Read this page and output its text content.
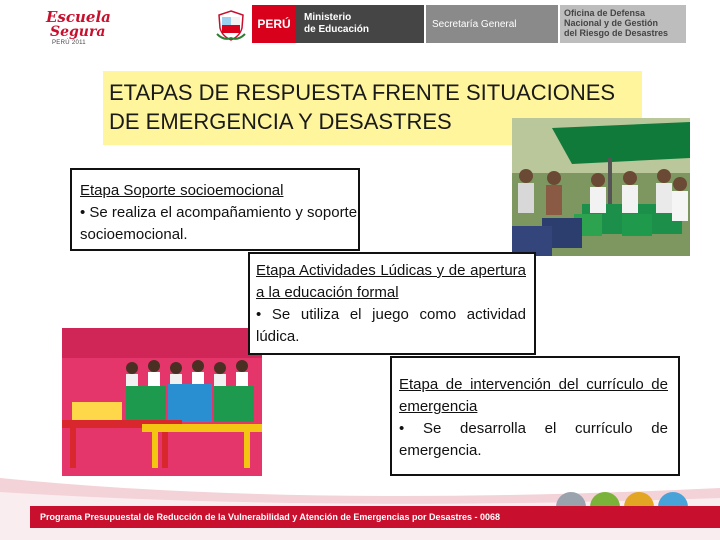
Escuela
Segura
PERÚ 2011
PERÚ	Ministerio
de Educación	Secretaría General
Oficina de Defensa
Nacional y de Gestión
del Riesgo de Desastres
ETAPAS DE RESPUESTA FRENTE SITUACIONES DE EMERGENCIA Y DESASTRES
Etapa Soporte socioemocional
• Se realiza el acompañamiento y soporte socioemocional.
Etapa Actividades Lúdicas y de apertura a la educación formal
• Se utiliza el juego como actividad lúdica.
Etapa de intervención del currículo de emergencia
• Se desarrolla el currículo de emergencia.
Programa Presupuestal de Reducción de la Vulnerabilidad y Atención de Emergencias por Desastres - 0068
